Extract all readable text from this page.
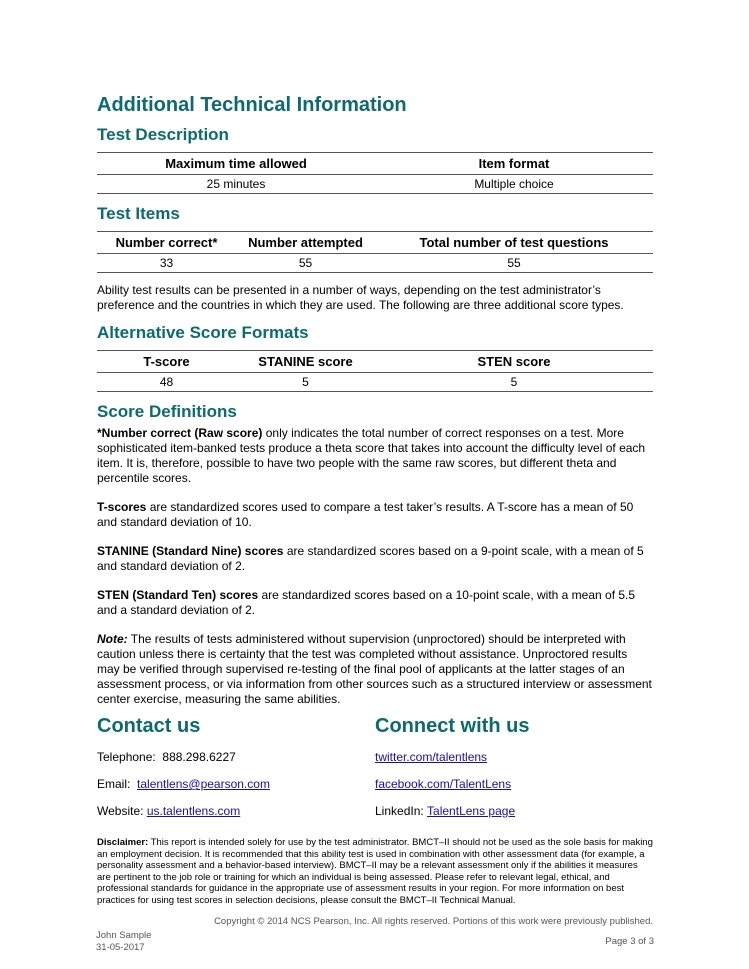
Additional Technical Information
Test Description
Maximum time allowed	Item format
25 minutes	Multiple choice
Test Items
Number correct*	Number attempted	Total number of test questions
33	55	55

Ability test results can be presented in a number of ways, depending on the test administrator’s preference and the countries in which they are used. The following are three additional score types.

Alternative Score Formats
T-score	STANINE score	STEN score
48	5	5
Score Definitions

*Number correct (Raw score) only indicates the total number of correct responses on a test. More sophisticated item-banked tests produce a theta score that takes into account the difficulty level of each item. It is, therefore, possible to have two people with the same raw scores, but different theta and percentile scores.

T-scores are standardized scores used to compare a test taker’s results. A T-score has a mean of 50 and standard deviation of 10.

STANINE (Standard Nine) scores are standardized scores based on a 9-point scale, with a mean of 5 and standard deviation of 2.

STEN (Standard Ten) scores are standardized scores based on a 10-point scale, with a mean of 5.5 and a standard deviation of 2.

Note: The results of tests administered without supervision (unproctored) should be interpreted with caution unless there is certainty that the test was completed without assistance. Unproctored results may be verified through supervised re-testing of the final pool of applicants at the latter stages of an assessment process, or via information from other sources such as a structured interview or assessment center exercise, measuring the same abilities.

Contact us
Telephone: 888.298.6227
Email: talentlens@pearson.com
Website: us.talentlens.com
Connect with us
twitter.com/talentlens
facebook.com/TalentLens
LinkedIn: TalentLens page

Disclaimer: This report is intended solely for use by the test administrator. BMCT–II should not be used as the sole basis for making an employment decision. It is recommended that this ability test is used in combination with other assessment data (for example, a personality assessment and a behavior-based interview). BMCT–II may be a relevant assessment only if the abilities it measures are pertinent to the job role or training for which an individual is being assessed. Please refer to relevant legal, ethical, and professional standards for guidance in the appropriate use of assessment results in your region. For more information on best practices for using test scores in selection decisions, please consult the BMCT–II Technical Manual.

Copyright © 2014 NCS Pearson, Inc. All rights reserved. Portions of this work were previously published.
John Sample
31-05-2017
Page 3 of 3
